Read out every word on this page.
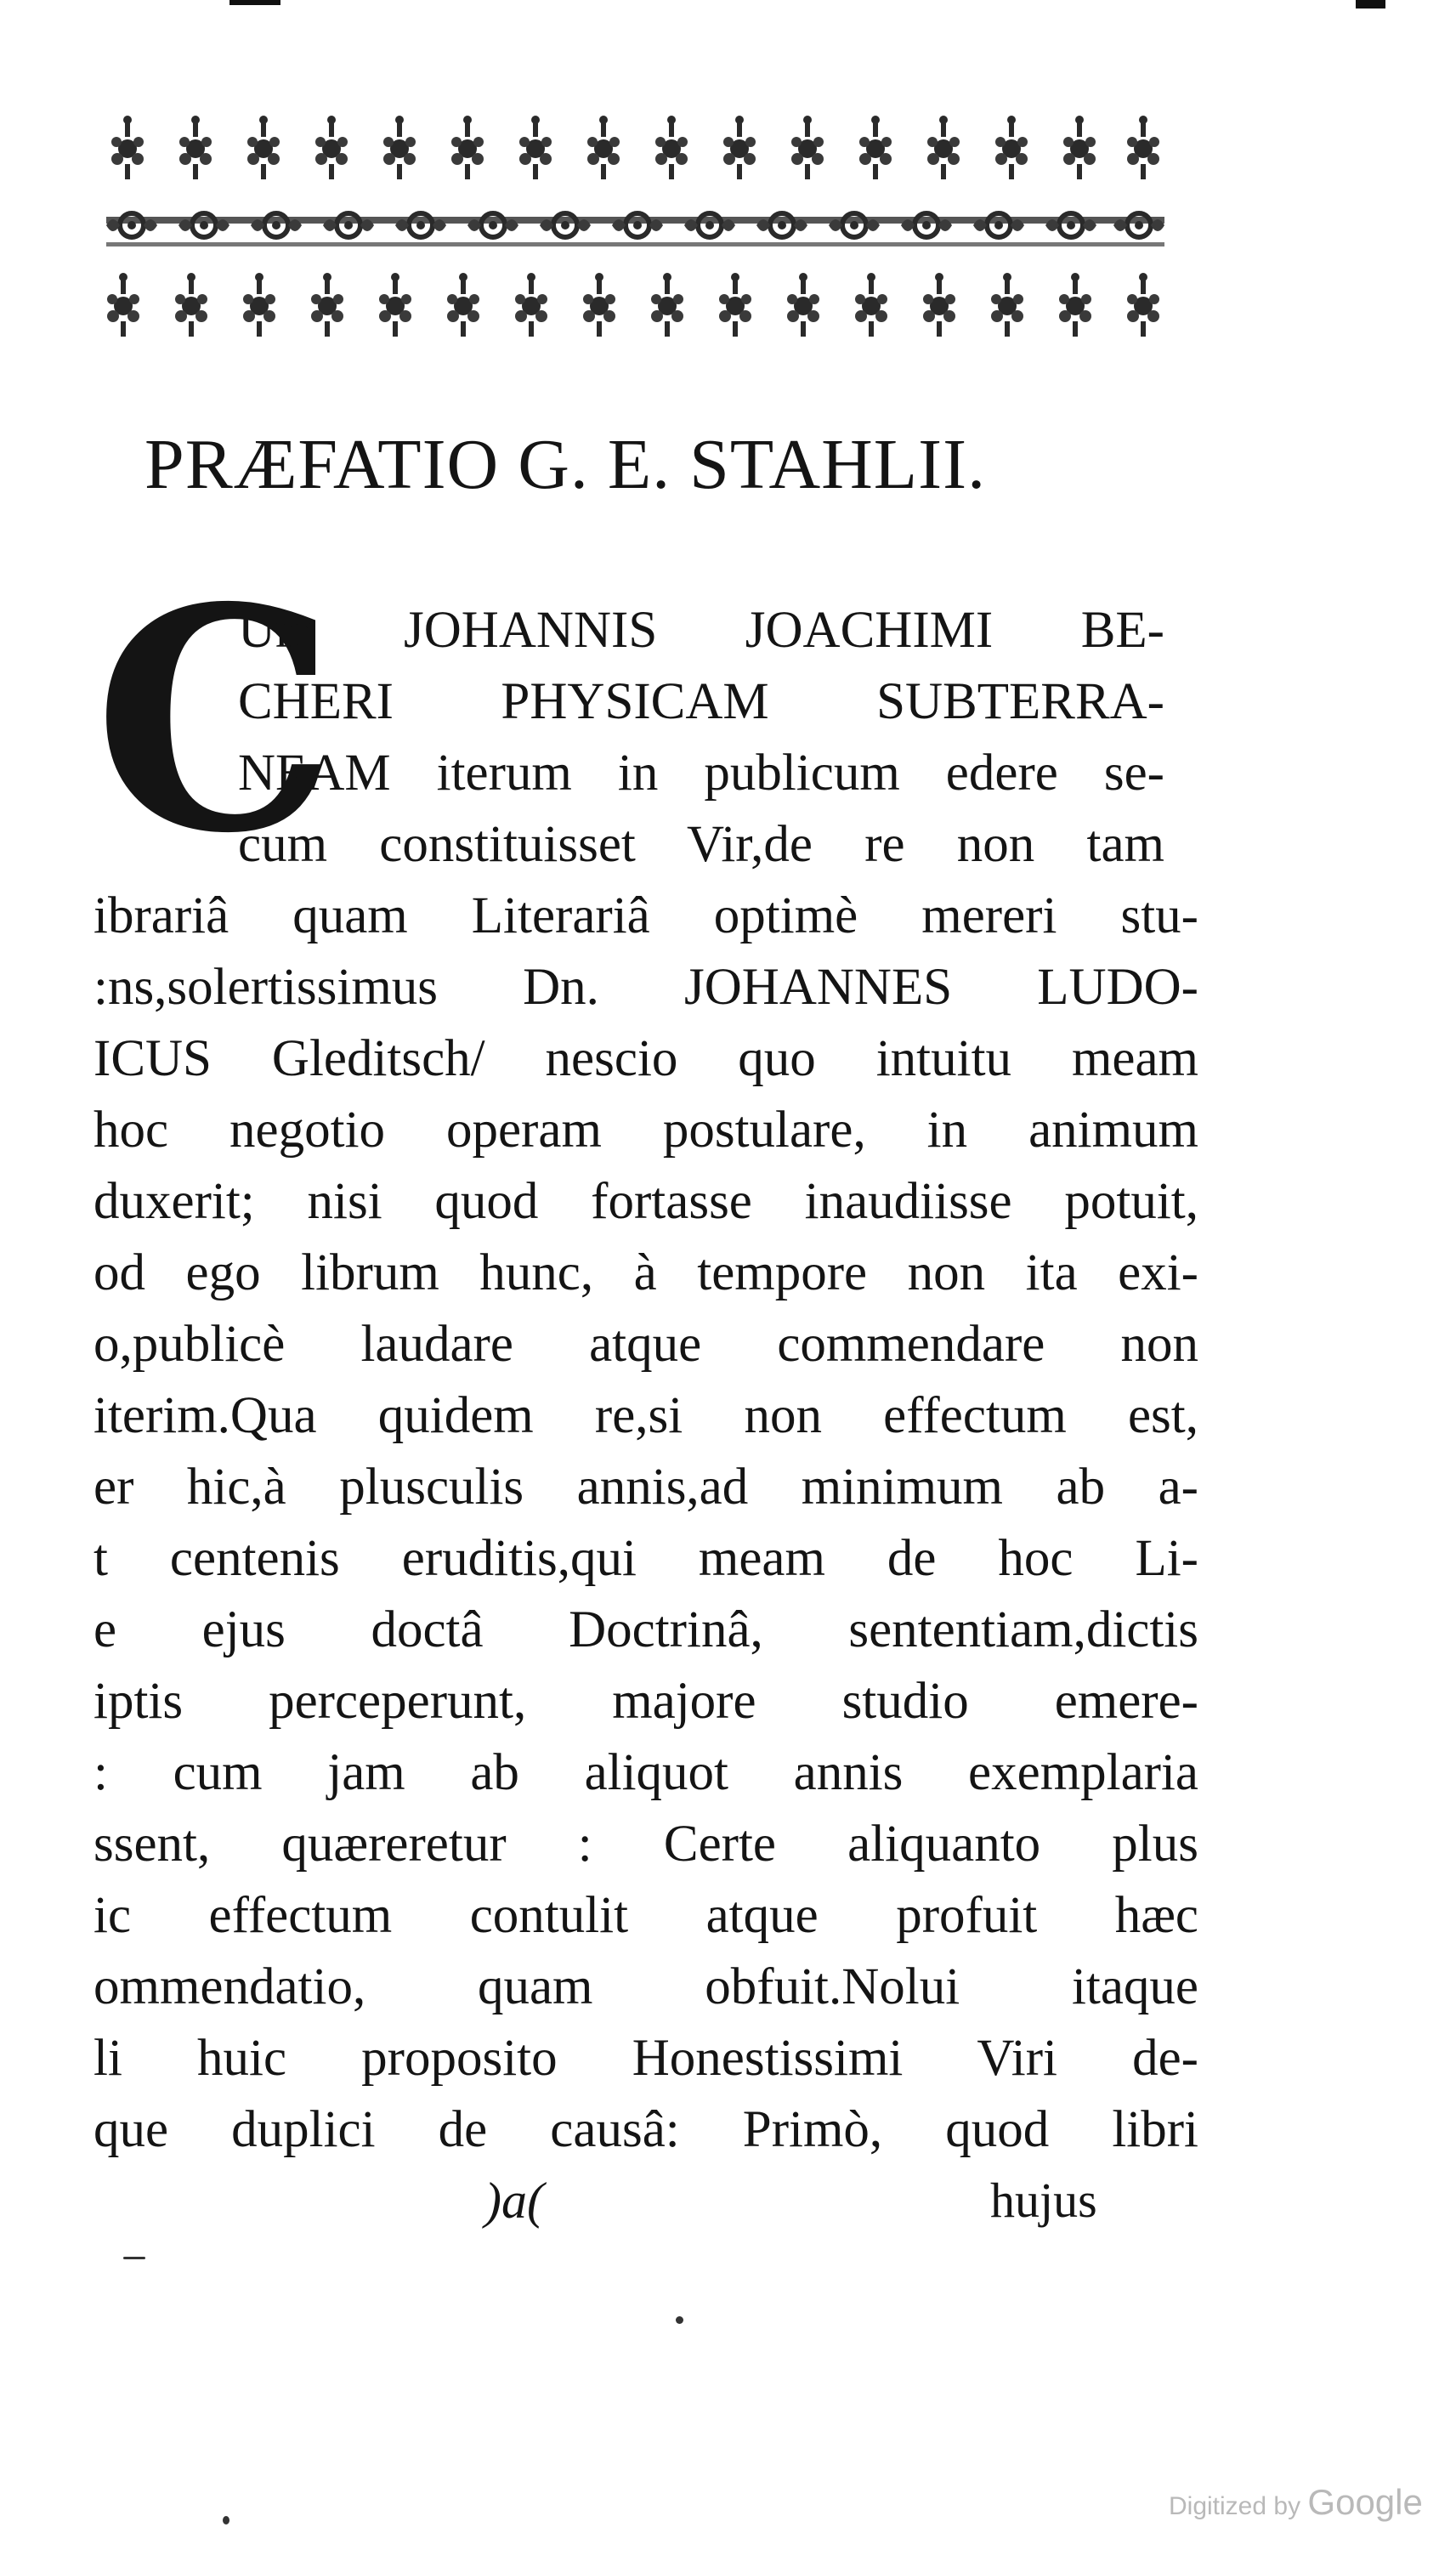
PRÆFATIO G. E. STAHLII.
C
Um JOHANNIS JOACHIMI BE-
CHERI PHYSICAM SUBTERRA-
NEAM iterum in publicum edere se-
cum constituisset Vir,de re non tam
ibrariâ quam Literariâ optimè mereri stu-
:ns,solertissimus Dn. JOHANNES LUDO-
ICUS Gleditsch/ nescio quo intuitu meam
hoc negotio operam postulare, in animum
duxerit; nisi quod fortasse inaudiisse potuit,
od ego librum hunc, à tempore non ita exi-
o,publicè laudare atque commendare non
iterim.Qua quidem re,si non effectum est,
er hic,à plusculis annis,ad minimum ab a-
t centenis eruditis,qui meam de hoc Li-
e ejus doctâ Doctrinâ, sententiam,dictis
iptis perceperunt, majore studio emere-
: cum jam ab aliquot annis exemplaria
ssent, quæreretur : Certe aliquanto plus
ic effectum contulit atque profuit hæc
ommendatio, quam obfuit.Nolui itaque
li huic proposito Honestissimi Viri de-
que duplici de causâ: Primò, quod libri
)a(	hujus
Digitized by Google
